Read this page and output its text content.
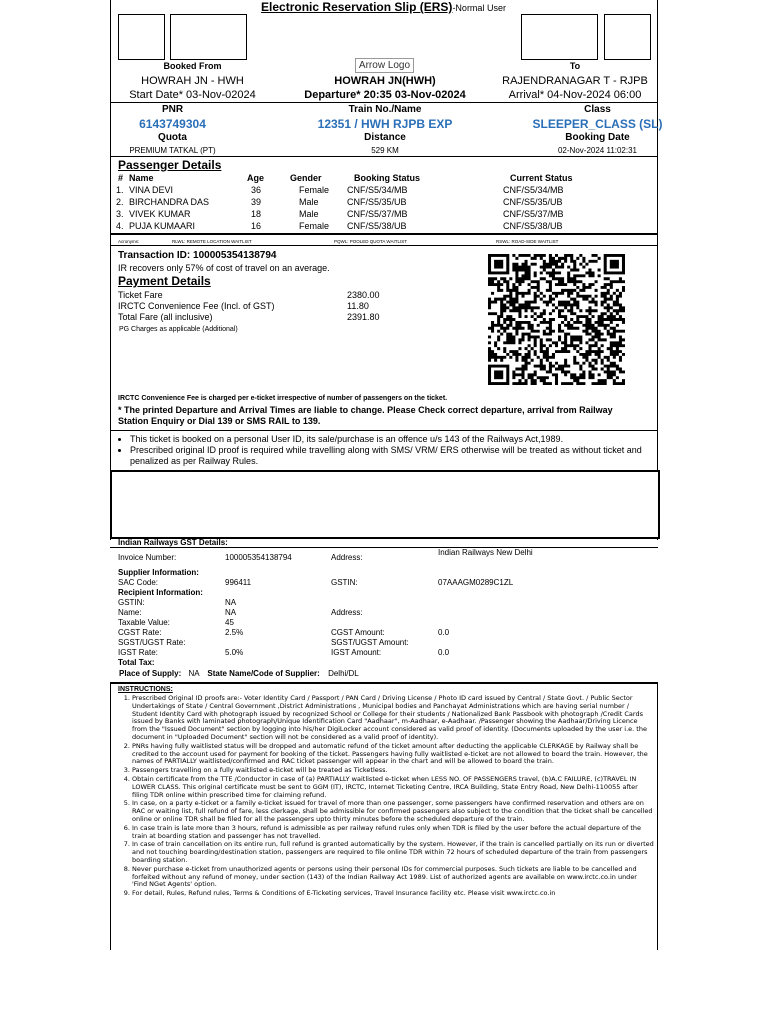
Electronic Reservation Slip (ERS)-Normal User
Arrow Logo
Booked From
HOWRAH JN - HWH
Start Date* 03-Nov-02024
HOWRAH JN(HWH)
Departure* 20:35 03-Nov-02024
To
RAJENDRANAGAR T - RJPB
Arrival* 04-Nov-2024 06:00
PNR
6143749304
Train No./Name
12351 / HWH RJPB EXP
Class
SLEEPER_CLASS (SL)
Quota
PREMIUM TATKAL (PT)
Distance
529 KM
Booking Date
02-Nov-2024 11:02:31
Passenger Details
# Name	Age	Gender	Booking Status	Current Status
1. VINA DEVI	36	Female CNF/S5/34/MB	CNF/S5/34/MB
2. BIRCHANDRA DAS	39	Male	CNF/S5/35/UB	CNF/S5/35/UB
3. VIVEK KUMAR	18	Male	CNF/S5/37/MB	CNF/S5/37/MB
4. PUJA KUMAARI	16	Female CNF/S5/38/UB	CNF/S5/38/UB
Acronyms:	RLWL: REMOTE LOCATION WAITLIST	PQWL: POOLED QUOTA WAITLIST	RSWL: ROAD-SIDE WAITLIST
Transaction ID: 100005354138794
IR recovers only 57% of cost of travel on an average.
Payment Details
Ticket Fare	2380.00
IRCTC Convenience Fee (Incl. of GST)	11.80
Total Fare (all inclusive)	2391.80
PG Charges as applicable (Additional)
IRCTC Convenience Fee is charged per e-ticket irrespective of number of passengers on the ticket.
* The printed Departure and Arrival Times are liable to change. Please Check correct departure, arrival from Railway Station Enquiry or Dial 139 or SMS RAIL to 139.
• This ticket is booked on a personal User ID, its sale/purchase is an offence u/s 143 of the Railways Act,1989.
• Prescribed original ID proof is required while travelling along with SMS/ VRM/ ERS otherwise will be treated as without ticket and penalized as per Railway Rules.
Indian Railways GST Details:
Invoice Number:	100005354138794	Address:
Indian Railways New Delhi
Supplier Information:
SAC Code:	996411	GSTIN:	07AAAGM0289C1ZL
Recipient Information:
GSTIN:	NA
Name:	NA	Address:
Taxable Value:	45
CGST Rate:	2.5%	CGST Amount:	0.0
SGST/UGST Rate:	SGST/UGST Amount:
IGST Rate:	5.0%	IGST Amount:	0.0
Total Tax:
Place of Supply: NA State Name/Code of Supplier: Delhi/DL
INSTRUCTIONS:
1. Prescribed Original ID proofs are:- Voter Identity Card / Passport / PAN Card / Driving License / Photo ID card issued by Central / State Govt. / Public Sector Undertakings of State / Central Government ,District Administrations , Municipal bodies and Panchayat Administrations which are having serial number / Student Identity Card with photograph issued by recognized School or College for their students / Nationalized Bank Passbook with photograph /Credit Cards issued by Banks with laminated photograph/Unique Identification Card "Aadhaar", m-Aadhaar, e-Aadhaar. /Passenger showing the Aadhaar/Driving Licence from the "Issued Document" section by logging into his/her DigiLocker account considered as valid proof of identity. (Documents uploaded by the user i.e. the document in "Uploaded Document" section will not be considered as a valid proof of identity).
2. PNRs having fully waitlisted status will be dropped and automatic refund of the ticket amount after deducting the applicable CLERKAGE by Railway shall be credited to the account used for payment for booking of the ticket. Passengers having fully waitlisted e-ticket are not allowed to board the train. However, the names of PARTIALLY waitlisted/confirmed and RAC ticket passenger will appear in the chart and will be allowed to board the train.
3. Passengers travelling on a fully waitlisted e-ticket will be treated as Ticketless.
4. Obtain certificate from the TTE /Conductor in case of (a) PARTIALLY waitlisted e-ticket when LESS NO. OF PASSENGERS travel, (b)A.C FAILURE, (c)TRAVEL IN LOWER CLASS. This original certificate must be sent to GGM (IT), IRCTC, Internet Ticketing Centre, IRCA Building, State Entry Road, New Delhi-110055 after filing TDR online within prescribed time for claiming refund.
5. In case, on a party e-ticket or a family e-ticket issued for travel of more than one passenger, some passengers have confirmed reservation and others are on RAC or waiting list, full refund of fare, less clerkage, shall be admissible for confirmed passengers also subject to the condition that the ticket shall be cancelled online or online TDR shall be filed for all the passengers upto thirty minutes before the scheduled departure of the train.
6. In case train is late more than 3 hours, refund is admissible as per railway refund rules only when TDR is filed by the user before the actual departure of the train at boarding station and passenger has not travelled.
7. In case of train cancellation on its entire run, full refund is granted automatically by the system. However, if the train is cancelled partially on its run or diverted and not touching boarding/destination station, passengers are required to file online TDR within 72 hours of scheduled departure of the train from passengers boarding station.
8. Never purchase e-ticket from unauthorized agents or persons using their personal IDs for commercial purposes. Such tickets are liable to be cancelled and forfeited without any refund of money, under section (143) of the Indian Railway Act 1989. List of authorized agents are available on www.irctc.co.in under 'Find NGet Agents' option.
9. For detail, Rules, Refund rules, Terms & Conditions of E-Ticketing services, Travel Insurance facility etc. Please visit www.irctc.co.in
